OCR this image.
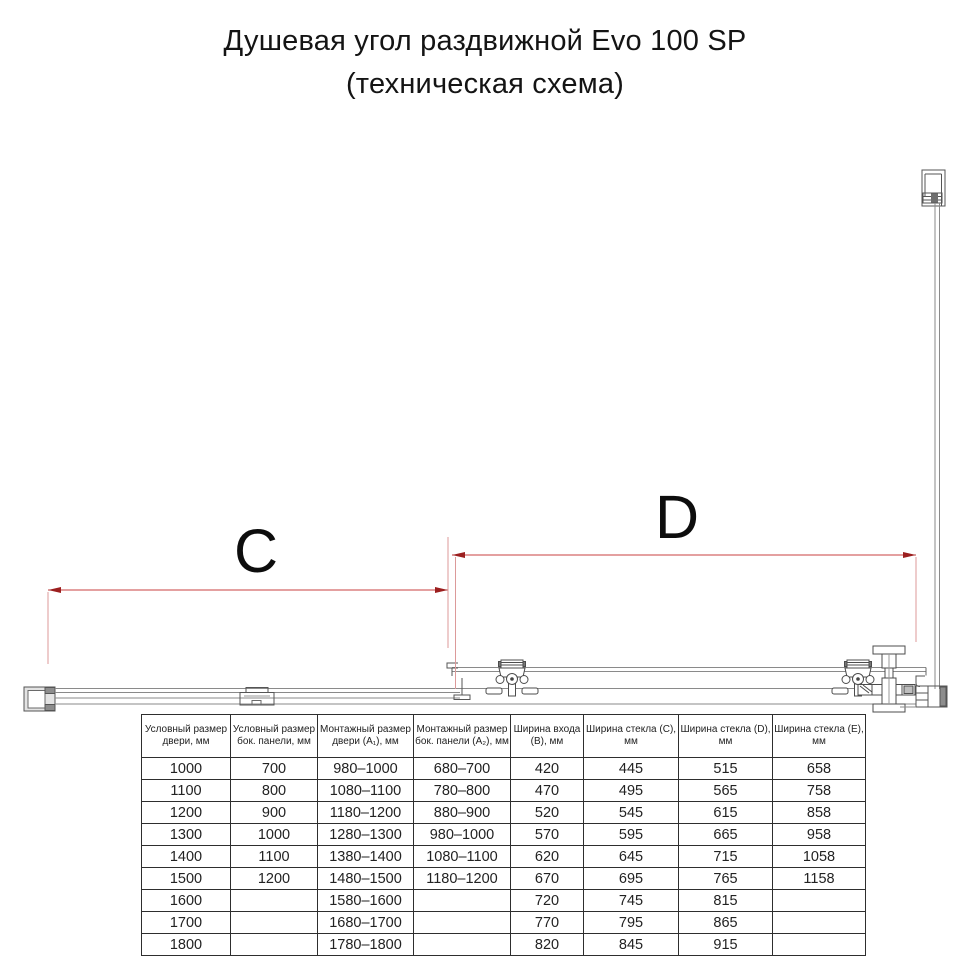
Душевая угол раздвижной Evo 100 SP
(техническая схема)
C	D
Условный размер двери, мм	Условный размер бок. панели, мм	Монтажный размер двери (A₁), мм	Монтажный размер бок. панели (A₂), мм	Ширина входа (B), мм	Ширина стекла (C), мм	Ширина стекла (D), мм	Ширина стекла (E), мм
1000	700	980–1000	680–700	420	445	515	658
1100	800	1080–1100	780–800	470	495	565	758
1200	900	1180–1200	880–900	520	545	615	858
1300	1000	1280–1300	980–1000	570	595	665	958
1400	1100	1380–1400	1080–1100	620	645	715	1058
1500	1200	1480–1500	1180–1200	670	695	765	1158
1600		1580–1600		720	745	815	
1700		1680–1700		770	795	865	
1800		1780–1800		820	845	915	
